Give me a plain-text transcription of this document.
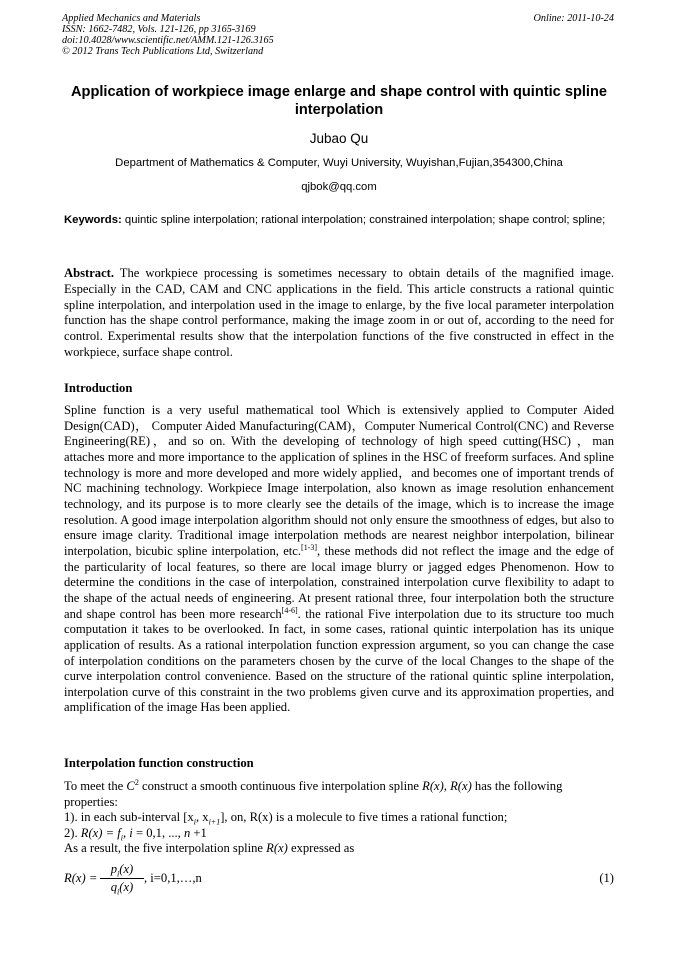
Applied Mechanics and Materials
ISSN: 1662-7482, Vols. 121-126, pp 3165-3169
doi:10.4028/www.scientific.net/AMM.121-126.3165
© 2012 Trans Tech Publications Ltd, Switzerland
Online: 2011-10-24
Application of workpiece image enlarge and shape control with quintic spline interpolation
Jubao Qu
Department of Mathematics & Computer, Wuyi University, Wuyishan,Fujian,354300,China
qjbok@qq.com
Keywords: quintic spline interpolation; rational interpolation; constrained interpolation; shape control; spline;
Abstract. The workpiece processing is sometimes necessary to obtain details of the magnified image. Especially in the CAD, CAM and CNC applications in the field. This article constructs a rational quintic spline interpolation, and interpolation used in the image to enlarge, by the five local parameter interpolation function has the shape control performance, making the image zoom in or out of, according to the need for control. Experimental results show that the interpolation functions of the five constructed in effect in the workpiece, surface shape control.
Introduction
Spline function is a very useful mathematical tool Which is extensively applied to Computer Aided Design(CAD)， Computer Aided Manufacturing(CAM)，Computer Numerical Control(CNC) and Reverse Engineering(RE)，and so on. With the developing of technology of high speed cutting(HSC) ，man attaches more and more importance to the application of splines in the HSC of freeform surfaces. And spline technology is more and more developed and more widely applied，and becomes one of important trends of NC machining technology. Workpiece Image interpolation, also known as image resolution enhancement technology, and its purpose is to more clearly see the details of the image, which is to increase the image resolution. A good image interpolation algorithm should not only ensure the smoothness of edges, but also to ensure image clarity. Traditional image interpolation methods are nearest neighbor interpolation, bilinear interpolation, bicubic spline interpolation, etc.[1-3], these methods did not reflect the image and the edge of the particularity of local features, so there are local image blurry or jagged edges Phenomenon. How to determine the conditions in the case of interpolation, constrained interpolation curve flexibility to adapt to the shape of the actual needs of engineering. At present rational three, four interpolation both the structure and shape control has been more research[4-6]. the rational Five interpolation due to its structure too much computation it takes to be overlooked. In fact, in some cases, rational quintic interpolation has its unique application of results. As a rational interpolation function expression argument, so you can change the case of interpolation conditions on the parameters chosen by the curve of the local Changes to the shape of the curve interpolation control convenience. Based on the structure of the rational quintic spline interpolation, interpolation curve of this constraint in the two problems given curve and its approximation properties, and amplification of the image Has been applied.
Interpolation function construction

To meet the $C^2$ construct a smooth continuous five interpolation spline R(x), R(x) has the following properties:

1). in each sub-interval [$x_i$, $x_{i+1}$], on, R(x) is a molecule to five times a rational function;

2). $R(x) = f_i$, i = 0,1, ..., n +1

As a result, the five interpolation spline R(x) expressed as

R(x) =
$p_i(x)$
$q_i(x)$
, i=0,1,…,n	(1)
